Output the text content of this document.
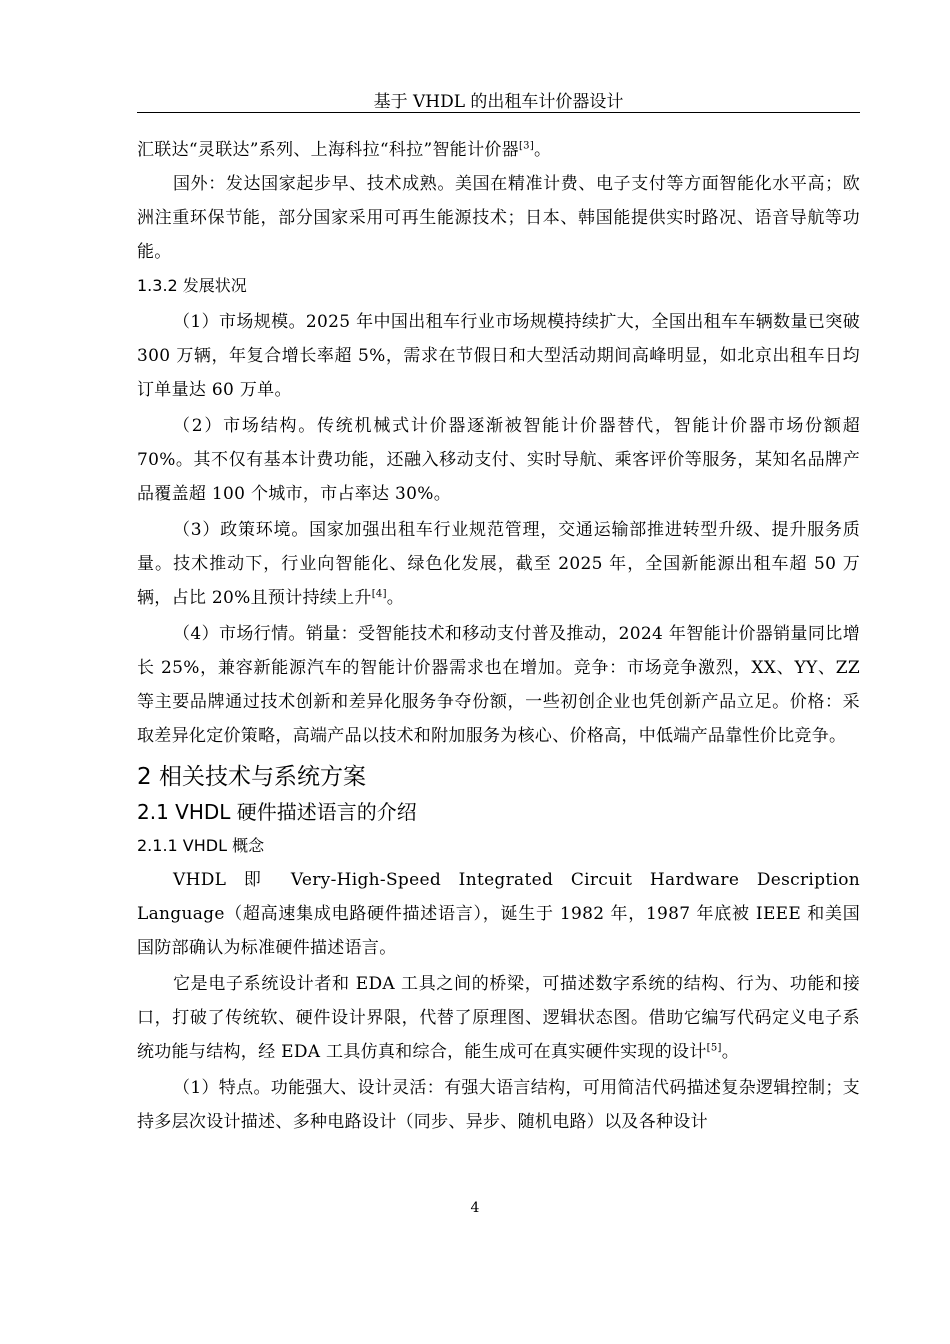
基于 VHDL 的出租车计价器设计

汇联达“灵联达”系列、上海科拉“科拉”智能计价器[3]。

国外：发达国家起步早、技术成熟。美国在精准计费、电子支付等方面智能化水平高；欧洲注重环保节能，部分国家采用可再生能源技术；日本、韩国能提供实时路况、语音导航等功能。

1.3.2 发展状况

（1）市场规模。2025 年中国出租车行业市场规模持续扩大，全国出租车车辆数量已突破 300 万辆，年复合增长率超 5%，需求在节假日和大型活动期间高峰明显，如北京出租车日均订单量达 60 万单。

（2）市场结构。传统机械式计价器逐渐被智能计价器替代，智能计价器市场份额超 70%。其不仅有基本计费功能，还融入移动支付、实时导航、乘客评价等服务，某知名品牌产品覆盖超 100 个城市，市占率达 30%。

（3）政策环境。国家加强出租车行业规范管理，交通运输部推进转型升级、提升服务质量。技术推动下，行业向智能化、绿色化发展，截至 2025 年，全国新能源出租车超 50 万辆，占比 20%且预计持续上升[4]。

（4）市场行情。销量：受智能技术和移动支付普及推动，2024 年智能计价器销量同比增长 25%，兼容新能源汽车的智能计价器需求也在增加。竞争：市场竞争激烈，XX、YY、ZZ 等主要品牌通过技术创新和差异化服务争夺份额，一些初创企业也凭创新产品立足。价格：采取差异化定价策略，高端产品以技术和附加服务为核心、价格高，中低端产品靠性价比竞争。

2 相关技术与系统方案
2.1 VHDL 硬件描述语言的介绍
2.1.1 VHDL 概念

VHDL 即 Very-High-Speed Integrated Circuit Hardware Description Language（超高速集成电路硬件描述语言），诞生于 1982 年，1987 年底被 IEEE 和美国国防部确认为标准硬件描述语言。

它是电子系统设计者和 EDA 工具之间的桥梁，可描述数字系统的结构、行为、功能和接口，打破了传统软、硬件设计界限，代替了原理图、逻辑状态图。借助它编写代码定义电子系统功能与结构，经 EDA 工具仿真和综合，能生成可在真实硬件实现的设计[5]。

（1）特点。功能强大、设计灵活：有强大语言结构，可用简洁代码描述复杂逻辑控制；支持多层次设计描述、多种电路设计（同步、异步、随机电路）以及各种设计

4
